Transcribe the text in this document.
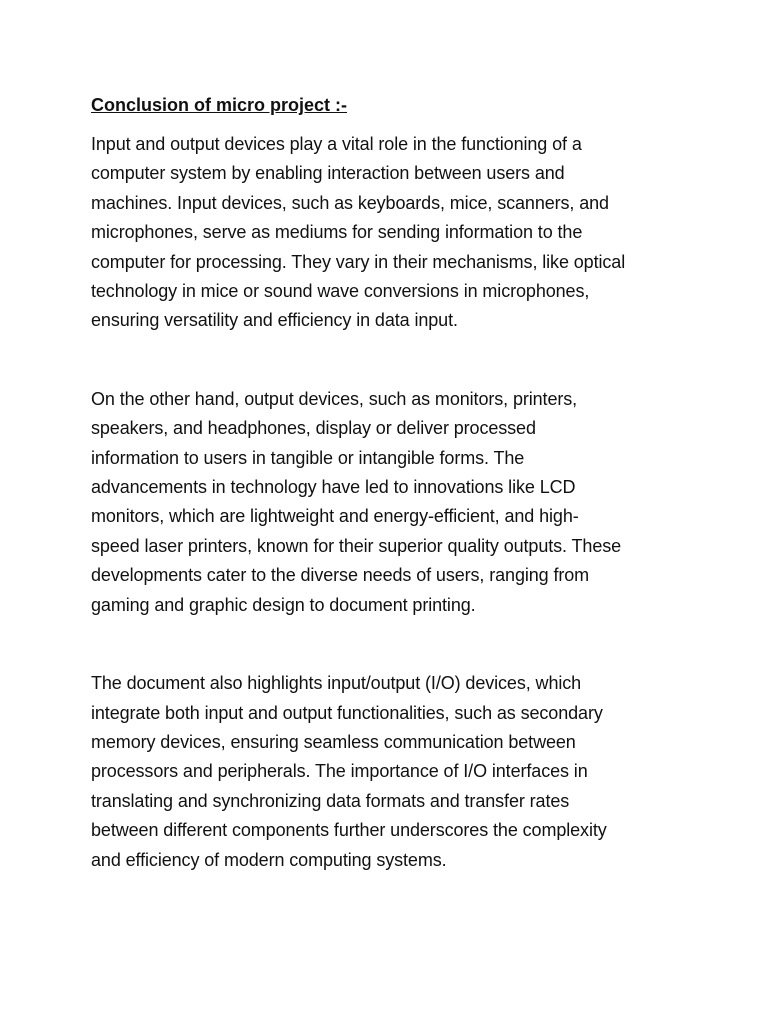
Conclusion of micro project :-

Input and output devices play a vital role in the functioning of a
computer system by enabling interaction between users and
machines. Input devices, such as keyboards, mice, scanners, and
microphones, serve as mediums for sending information to the
computer for processing. They vary in their mechanisms, like optical
technology in mice or sound wave conversions in microphones,
ensuring versatility and efficiency in data input.

On the other hand, output devices, such as monitors, printers,
speakers, and headphones, display or deliver processed
information to users in tangible or intangible forms. The
advancements in technology have led to innovations like LCD
monitors, which are lightweight and energy-efficient, and high-
speed laser printers, known for their superior quality outputs. These
developments cater to the diverse needs of users, ranging from
gaming and graphic design to document printing.

The document also highlights input/output (I/O) devices, which
integrate both input and output functionalities, such as secondary
memory devices, ensuring seamless communication between
processors and peripherals. The importance of I/O interfaces in
translating and synchronizing data formats and transfer rates
between different components further underscores the complexity
and efficiency of modern computing systems.
